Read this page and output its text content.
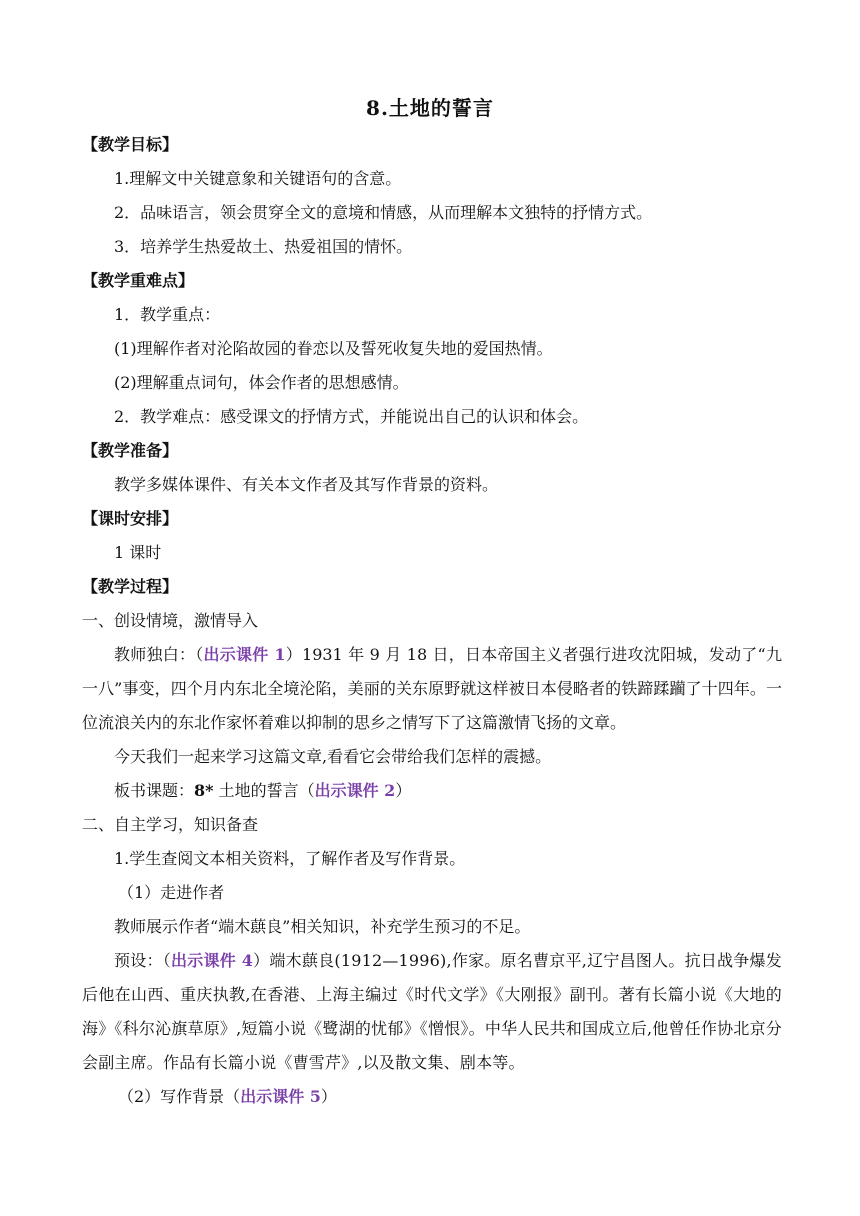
8.土地的誓言
【教学目标】
1.理解文中关键意象和关键语句的含意。
2．品味语言，领会贯穿全文的意境和情感，从而理解本文独特的抒情方式。
3．培养学生热爱故土、热爱祖国的情怀。
【教学重难点】
1．教学重点：
(1)理解作者对沦陷故园的眷恋以及誓死收复失地的爱国热情。
(2)理解重点词句，体会作者的思想感情。
2．教学难点：感受课文的抒情方式，并能说出自己的认识和体会。
【教学准备】
教学多媒体课件、有关本文作者及其写作背景的资料。
【课时安排】
1 课时
【教学过程】
一、创设情境，激情导入
教师独白：（出示课件 1）1931 年 9 月 18 日，日本帝国主义者强行进攻沈阳城，发动了“九一八”事变，四个月内东北全境沦陷，美丽的关东原野就这样被日本侵略者的铁蹄蹂躏了十四年。一位流浪关内的东北作家怀着难以抑制的思乡之情写下了这篇激情飞扬的文章。
今天我们一起来学习这篇文章,看看它会带给我们怎样的震撼。
板书课题：8* 土地的誓言（出示课件 2）
二、自主学习，知识备查
1.学生查阅文本相关资料，了解作者及写作背景。
（1）走进作者
教师展示作者“端木蕻良”相关知识，补充学生预习的不足。
预设：（出示课件 4）端木蕻良(1912—1996),作家。原名曹京平,辽宁昌图人。抗日战争爆发后他在山西、重庆执教,在香港、上海主编过《时代文学》《大刚报》副刊。著有长篇小说《大地的海》《科尔沁旗草原》,短篇小说《鹭湖的忧郁》《憎恨》。中华人民共和国成立后,他曾任作协北京分会副主席。作品有长篇小说《曹雪芹》,以及散文集、剧本等。
（2）写作背景（出示课件 5）
